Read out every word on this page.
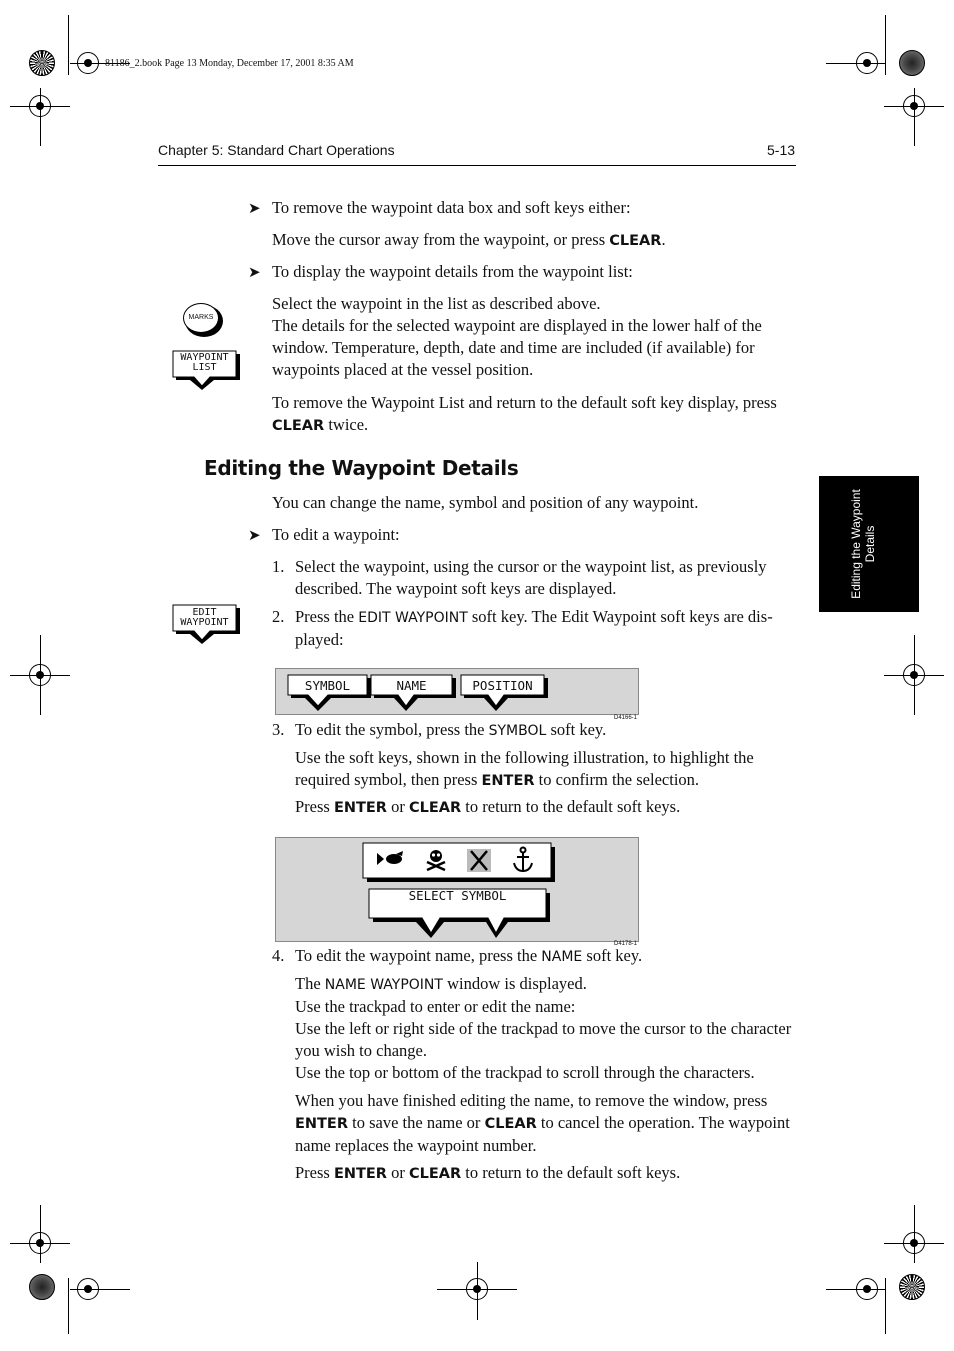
81186_2.book Page 13 Monday, December 17, 2001 8:35 AM
Chapter 5: Standard Chart Operations	5-13
Editing the Waypoint Details
➤ To remove the waypoint data box and soft keys either:
Move the cursor away from the waypoint, or press CLEAR.
➤ To display the waypoint details from the waypoint list:
Select the waypoint in the list as described above.
The details for the selected waypoint are displayed in the lower half of the
window. Temperature, depth, date and time are included (if available) for
waypoints placed at the vessel position.
To remove the Waypoint List and return to the default soft key display, press
CLEAR twice.
MARKS
WAYPOINT
LIST
Editing the Waypoint Details
You can change the name, symbol and position of any waypoint.
➤ To edit a waypoint:
1. Select the waypoint, using the cursor or the waypoint list, as previously
described. The waypoint soft keys are displayed.
2. Press the EDIT WAYPOINT soft key. The Edit Waypoint soft keys are dis-
played:
EDIT
WAYPOINT
SYMBOL	NAME	POSITION
D4166-1
3. To edit the symbol, press the SYMBOL soft key.
Use the soft keys, shown in the following illustration, to highlight the
required symbol, then press ENTER to confirm the selection.
Press ENTER or CLEAR to return to the default soft keys.
SELECT SYMBOL
D4178-1
4. To edit the waypoint name, press the NAME soft key.
The NAME WAYPOINT window is displayed.
Use the trackpad to enter or edit the name:
Use the left or right side of the trackpad to move the cursor to the character
you wish to change.
Use the top or bottom of the trackpad to scroll through the characters.
When you have finished editing the name, to remove the window, press
ENTER to save the name or CLEAR to cancel the operation. The waypoint
name replaces the waypoint number.
Press ENTER or CLEAR to return to the default soft keys.
